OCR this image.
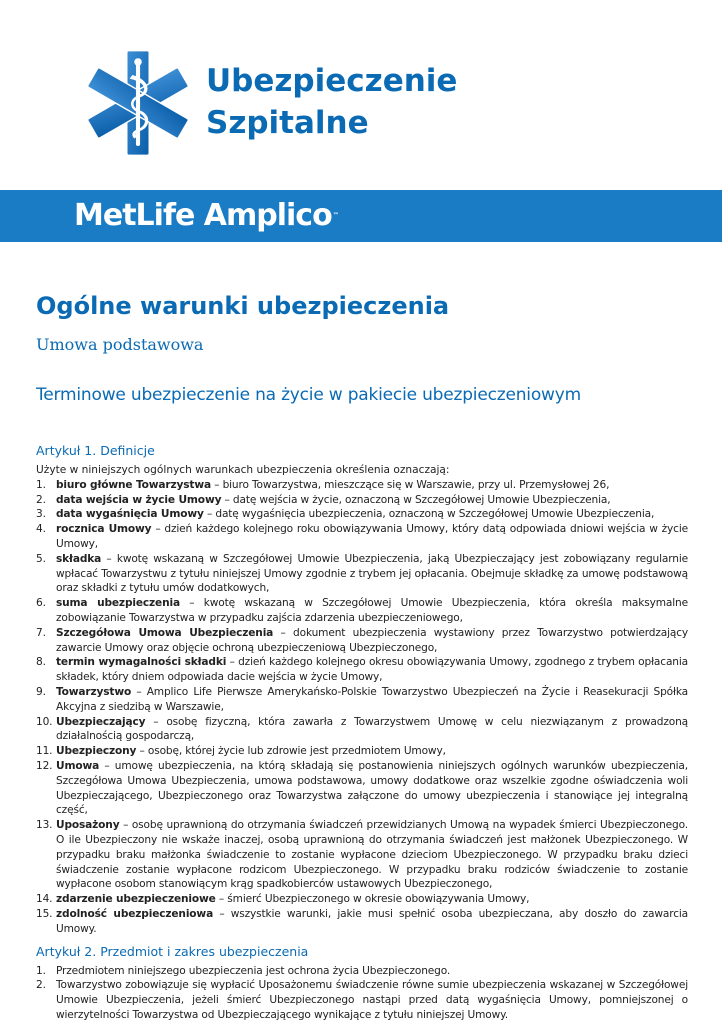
Ubezpieczenie
Szpitalne
MetLife Amplico™
Ogólne warunki ubezpieczenia
Umowa podstawowa
Terminowe ubezpieczenie na życie w pakiecie ubezpieczeniowym
Artykuł 1. Definicje

Użyte w niniejszych ogólnych warunkach ubezpieczenia określenia oznaczają:

1. biuro główne Towarzystwa – biuro Towarzystwa, mieszczące się w Warszawie, przy ul. Przemysłowej 26,
2. data wejścia w życie Umowy – datę wejścia w życie, oznaczoną w Szczegółowej Umowie Ubezpieczenia,
3. data wygaśnięcia Umowy – datę wygaśnięcia ubezpieczenia, oznaczoną w Szczegółowej Umowie Ubezpieczenia,
4. rocznica Umowy – dzień każdego kolejnego roku obowiązywania Umowy, który datą odpowiada dniowi wejścia w życie Umowy,
5. składka – kwotę wskazaną w Szczegółowej Umowie Ubezpieczenia, jaką Ubezpieczający jest zobowiązany regularnie wpłacać Towarzystwu z tytułu niniejszej Umowy zgodnie z trybem jej opłacania. Obejmuje składkę za umowę podstawową oraz składki z tytułu umów dodatkowych,
6. suma ubezpieczenia – kwotę wskazaną w Szczegółowej Umowie Ubezpieczenia, która określa maksymalne zobowiązanie Towarzystwa w przypadku zajścia zdarzenia ubezpieczeniowego,
7. Szczegółowa Umowa Ubezpieczenia – dokument ubezpieczenia wystawiony przez Towarzystwo potwierdzający zawarcie Umowy oraz objęcie ochroną ubezpieczeniową Ubezpieczonego,
8. termin wymagalności składki – dzień każdego kolejnego okresu obowiązywania Umowy, zgodnego z trybem opłacania składek, który dniem odpowiada dacie wejścia w życie Umowy,
9. Towarzystwo – Amplico Life Pierwsze Amerykańsko-Polskie Towarzystwo Ubezpieczeń na Życie i Reasekuracji Spółka Akcyjna z siedzibą w Warszawie,
10. Ubezpieczający – osobę fizyczną, która zawarła z Towarzystwem Umowę w celu niezwiązanym z prowadzoną działalnością gospodarczą,
11. Ubezpieczony – osobę, której życie lub zdrowie jest przedmiotem Umowy,
12. Umowa – umowę ubezpieczenia, na którą składają się postanowienia niniejszych ogólnych warunków ubezpieczenia, Szczegółowa Umowa Ubezpieczenia, umowa podstawowa, umowy dodatkowe oraz wszelkie zgodne oświadczenia woli Ubezpieczającego, Ubezpieczonego oraz Towarzystwa załączone do umowy ubezpieczenia i stanowiące jej integralną część,
13. Uposażony – osobę uprawnioną do otrzymania świadczeń przewidzianych Umową na wypadek śmierci Ubezpieczonego. O ile Ubezpieczony nie wskaże inaczej, osobą uprawnioną do otrzymania świadczeń jest małżonek Ubezpieczonego. W przypadku braku małżonka świadczenie to zostanie wypłacone dzieciom Ubezpieczonego. W przypadku braku dzieci świadczenie zostanie wypłacone rodzicom Ubezpieczonego. W przypadku braku rodziców świadczenie to zostanie wypłacone osobom stanowiącym krąg spadkobierców ustawowych Ubezpieczonego,
14. zdarzenie ubezpieczeniowe – śmierć Ubezpieczonego w okresie obowiązywania Umowy,
15. zdolność ubezpieczeniowa – wszystkie warunki, jakie musi spełnić osoba ubezpieczana, aby doszło do zawarcia Umowy.
Artykuł 2. Przedmiot i zakres ubezpieczenia
1. Przedmiotem niniejszego ubezpieczenia jest ochrona życia Ubezpieczonego.
2. Towarzystwo zobowiązuje się wypłacić Uposażonemu świadczenie równe sumie ubezpieczenia wskazanej w Szczegółowej Umowie Ubezpieczenia, jeżeli śmierć Ubezpieczonego nastąpi przed datą wygaśnięcia Umowy, pomniejszonej o wierzytelności Towarzystwa od Ubezpieczającego wynikające z tytułu niniejszej Umowy.
